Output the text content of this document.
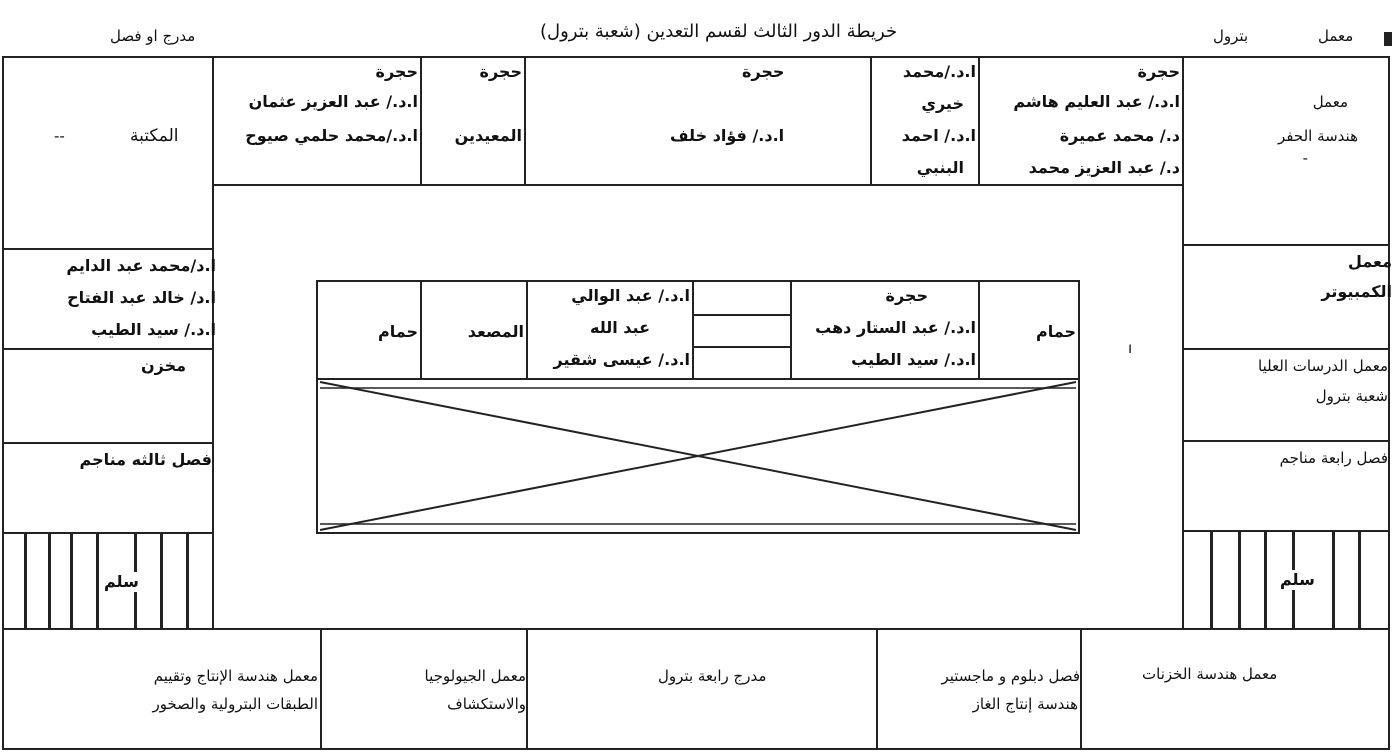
خريطة الدور الثالث لقسم التعدين (شعبة بترول)
مدرج او فصل	بترول	معمل
--	المكتبة
حجرة
ا.د./ عبد العزيز عثمان
ا.د./محمد حلمي صيوح
حجرة
المعيدين
حجرة
ا.د./ فؤاد خلف
ا.د./محمد
خيري
ا.د./ احمد
البنبي
حجرة
ا.د./ عبد العليم هاشم
د./ محمد عميرة
د./ عبد العزيز محمد
معمل
هندسة الحفر
-
ا.د/محمد عبد الدايم
ا.د/ خالد عبد الفتاح
ا.د./ سيد الطيب
مخزن
فصل ثالثه مناجم
سلم
معمل
الكمبيوتر
معمل الدرسات العليا
شعبة بترول
فصل رابعة مناجم
سلم
حمام	المصعد
ا.د./ عبد الوالي
عبد الله
ا.د./ عيسى شقير
حجرة
ا.د./ عبد الستار دهب
ا.د./ سيد الطيب
حمام
ı
معمل هندسة الإنتاج وتقييم
الطبقات البترولية والصخور
معمل الجيولوجيا
والاستكشاف
مدرج رابعة بترول	فصل دبلوم و ماجستير
هندسة إنتاج الغاز
معمل هندسة الخزنات
